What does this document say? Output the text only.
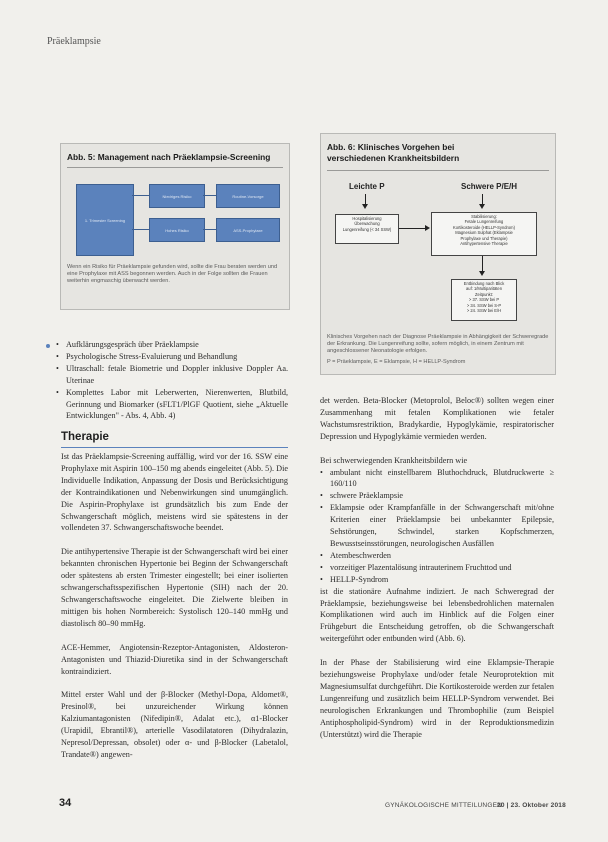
Präeklampsie
Abb. 5: Management nach Präeklampsie-Screening
1. Trimester Screening
Niedriges Risiko	Routine-Vorsorge
Hohes Risiko	ASS-Prophylaxe
Wenn ein Risiko für Präeklampsie gefunden wird, sollte die Frau beraten werden und eine Prophylaxe mit ASS begonnen werden. Auch in der Folge sollten die Frauen weiterhin engmaschig überwacht werden.
Abb. 6: Klinisches Vorgehen bei
verschiedenen Krankheitsbildern
Leichte P	Schwere P/E/H
Hospitalisierung
Überwachung
Lungenreifung (< 34 SSW)
Stabilisierung:
Fetale Lungenreifung
Kortikosteroide (HELLP-Syndrom)
Magnesium Sulphat (Eklampsie
Prophylaxe und Therapie)
Antihypertensive Therapie
Entbindung nach Blick
auf: 1/Multiparitäten
Zeitpunkt:
> 37. SSW bei P
> 34. SSW bei S-P
> 24. SSW bei E/H
Klinisches Vorgehen nach der Diagnose Präeklampsie in Abhängigkeit der Schweregrade der Erkrankung. Die Lungenreifung sollte, sofern möglich, in einem Zentrum mit angeschlossener Neonatologie erfolgen.
P = Präeklampsie, E = Eklampsie, H = HELLP-Syndrom
• Aufklärungsgespräch über Präeklampsie
• Psychologische Stress-Evaluierung und Behandlung
• Ultraschall: fetale Biometrie und Doppler inklusive Doppler Aa. Uterinae
• Komplettes Labor mit Leberwerten, Nierenwerten, Blutbild, Gerinnung und Biomarker (sFLT1/PlGF Quotient, siehe „Aktuelle Entwicklungen" - Abs. 4, Abb. 4)
Therapie

Ist das Präeklampsie-Screening auffällig, wird vor der 16. SSW eine Prophylaxe mit Aspirin 100–150 mg abends eingeleitet (Abb. 5). Die Individuelle Indikation, Anpassung der Dosis und Berücksichtigung der Kontraindikationen und Nebenwirkungen sind unumgänglich. Die Aspirin-Prophylaxe ist grundsätzlich bis zum Ende der Schwangerschaft möglich, meistens wird sie spätestens in der vollendeten 37. Schwangerschaftswoche beendet.

Die antihypertensive Therapie ist der Schwangerschaft wird bei einer bekannten chronischen Hypertonie bei Beginn der Schwangerschaft oder spätestens ab ersten Trimester eingestellt; bei einer isolierten schwangerschaftsspezifischen Hypertonie (SIH) nach der 20. Schwangerschaftswoche eingeleitet. Die Zielwerte bleiben in mittigen bis hohen Normbereich: Systolisch 120–140 mmHg und diastolisch 80–90 mmHg.

ACE-Hemmer, Angiotensin-Rezeptor-Antagonisten, Aldosteron-Antagonisten und Thiazid-Diuretika sind in der Schwangerschaft kontraindiziert.

Mittel erster Wahl und der β-Blocker (Methyl-Dopa, Aldomet®, Presinol®, bei unzureichender Wirkung können Kalziumantagonisten (Nifedipin®, Adalat etc.), α1-Blocker (Urapidil, Ebrantil®), arterielle Vasodilatatoren (Dihydralazin, Nepresol/Depressan, obsolet) oder α- und β-Blocker (Labetalol, Trandate®) angewen-

det werden. Beta-Blocker (Metoprolol, Beloc®) sollten wegen einer Zusammenhang mit fetalen Komplikationen wie fetaler Wachstumsrestriktion, Bradykardie, Hypoglykämie, respiratorischer Depression und Hypoglykämie vermieden werden.

Bei schwerwiegenden Krankheitsbildern wie

• ambulant nicht einstellbarem Bluthochdruck, Blutdruckwerte ≥ 160/110
• schwere Präeklampsie
• Eklampsie oder Krampfanfälle in der Schwangerschaft mit/ohne Kriterien einer Präeklampsie bei unbekannter Epilepsie, Sehstörungen, Schwindel, starken Kopfschmerzen, Bewusstseinsstörungen, neurologischen Ausfällen
• Atembeschwerden
• vorzeitiger Plazentalösung intrauterinem Fruchttod und
• HELLP-Syndrom

ist die stationäre Aufnahme indiziert. Je nach Schweregrad der Präeklampsie, beziehungsweise bei lebensbedrohlichen maternalen Komplikationen wird auch im Hinblick auf die Folgen einer Frühgeburt die Entscheidung getroffen, ob die Schwangerschaft weitergeführt oder entbunden wird (Abb. 6).

In der Phase der Stabilisierung wird eine Eklampsie-Therapie beziehungsweise Prophylaxe und/oder fetale Neuroprotektion mit Magnesiumsulfat durchgeführt. Die Kortikosteroide werden zur fetalen Lungenreifung und zusätzlich beim HELLP-Syndrom verwendet. Bei neurologischen Erkrankungen und Thrombophilie (zum Beispiel Antiphospholipid-Syndrom) wird in der Reproduktionsmedizin (Unterstützt) wird die Therapie

34	GYNÄKOLOGISCHE MITTEILUNGEN
20 | 23. Oktober 2018
